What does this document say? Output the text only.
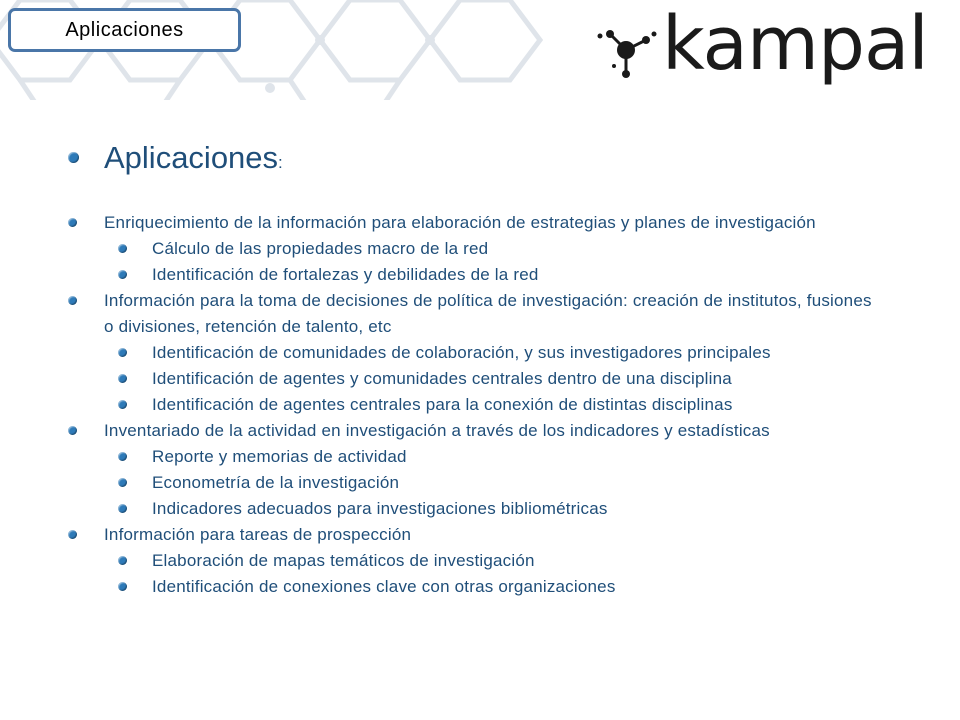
Aplicaciones	kampal
Aplicaciones :
Enriquecimiento de la información para elaboración de estrategias y planes de investigación
Cálculo de las propiedades macro de la red
Identificación de fortalezas y debilidades de la red
Información para la toma de decisiones de política de investigación: creación de institutos, fusiones o divisiones, retención de talento, etc
Identificación de comunidades de colaboración, y sus investigadores principales
Identificación de agentes y comunidades centrales dentro de una disciplina
Identificación de agentes centrales para la conexión de distintas disciplinas
Inventariado de la actividad en investigación a través de los indicadores y estadísticas
Reporte y memorias de actividad
Econometría de la investigación
Indicadores adecuados para investigaciones bibliométricas
Información para tareas de prospección
Elaboración de mapas temáticos de investigación
Identificación de conexiones clave con otras organizaciones
